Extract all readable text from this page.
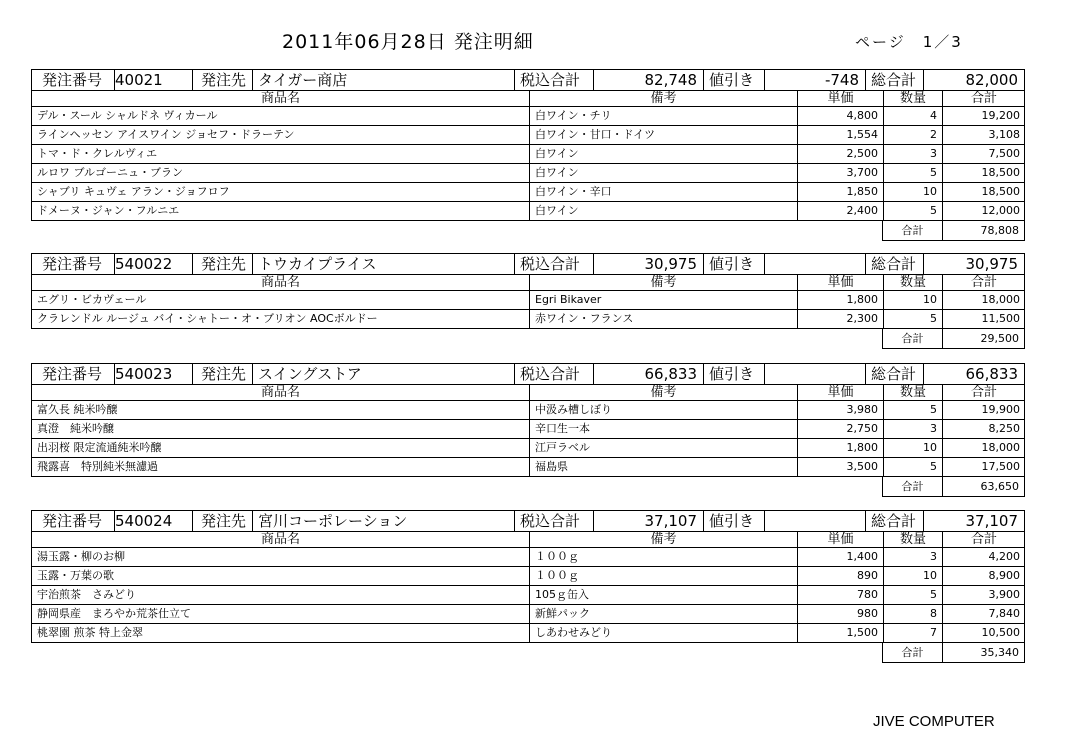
2011年06月28日 発注明細	ページ　1／3
発注番号 40021	発注先 タイガー商店	税込合計	82,748 値引き	-748 総合計	82,000
商品名	備考	単価	数量	合計
デル・スール シャルドネ ヴィカール	白ワイン・チリ	4,800	4	19,200
ラインヘッセン アイスワイン ジョセフ・ドラーテン	白ワイン・甘口・ドイツ	1,554	2	3,108
トマ・ド・クレルヴィエ	白ワイン	2,500	3	7,500
ルロワ ブルゴーニュ・ブラン	白ワイン	3,700	5	18,500
シャブリ キュヴェ アラン・ジョフロフ	白ワイン・辛口	1,850	10	18,500
ドメーヌ・ジャン・フルニエ	白ワイン	2,400	5	12,000
合計	78,808
発注番号 540022	発注先 トウカイプライス	税込合計	30,975 値引き	総合計	30,975
商品名	備考	単価	数量	合計
エグリ・ビカヴェール	Egri Bikaver	1,800	10	18,000
クラレンドル ルージュ バイ・シャトー・オ・ブリオン AOCボルドー	赤ワイン・フランス	2,300	5	11,500
合計	29,500
発注番号 540023	発注先 スイングストア	税込合計	66,833 値引き	総合計	66,833
商品名	備考	単価	数量	合計
富久長 純米吟醸	中汲み槽しぼり	3,980	5	19,900
真澄　純米吟醸	辛口生一本	2,750	3	8,250
出羽桜 限定流通純米吟醸	江戸ラベル	1,800	10	18,000
飛露喜　特別純米無濾過	福島県	3,500	5	17,500
合計	63,650
発注番号 540024	発注先 宮川コーポレーション	税込合計	37,107 値引き	総合計	37,107
商品名	備考	単価	数量	合計
湯玉露・柳のお柳	１００ｇ	1,400	3	4,200
玉露・万葉の歌	１００ｇ	890	10	8,900
宇治煎茶　さみどり	105ｇ缶入	780	5	3,900
静岡県産　まろやか荒茶仕立て	新鮮パック	980	8	7,840
桃翠園 煎茶 特上金翠	しあわせみどり	1,500	7	10,500
合計	35,340
JIVE COMPUTER
